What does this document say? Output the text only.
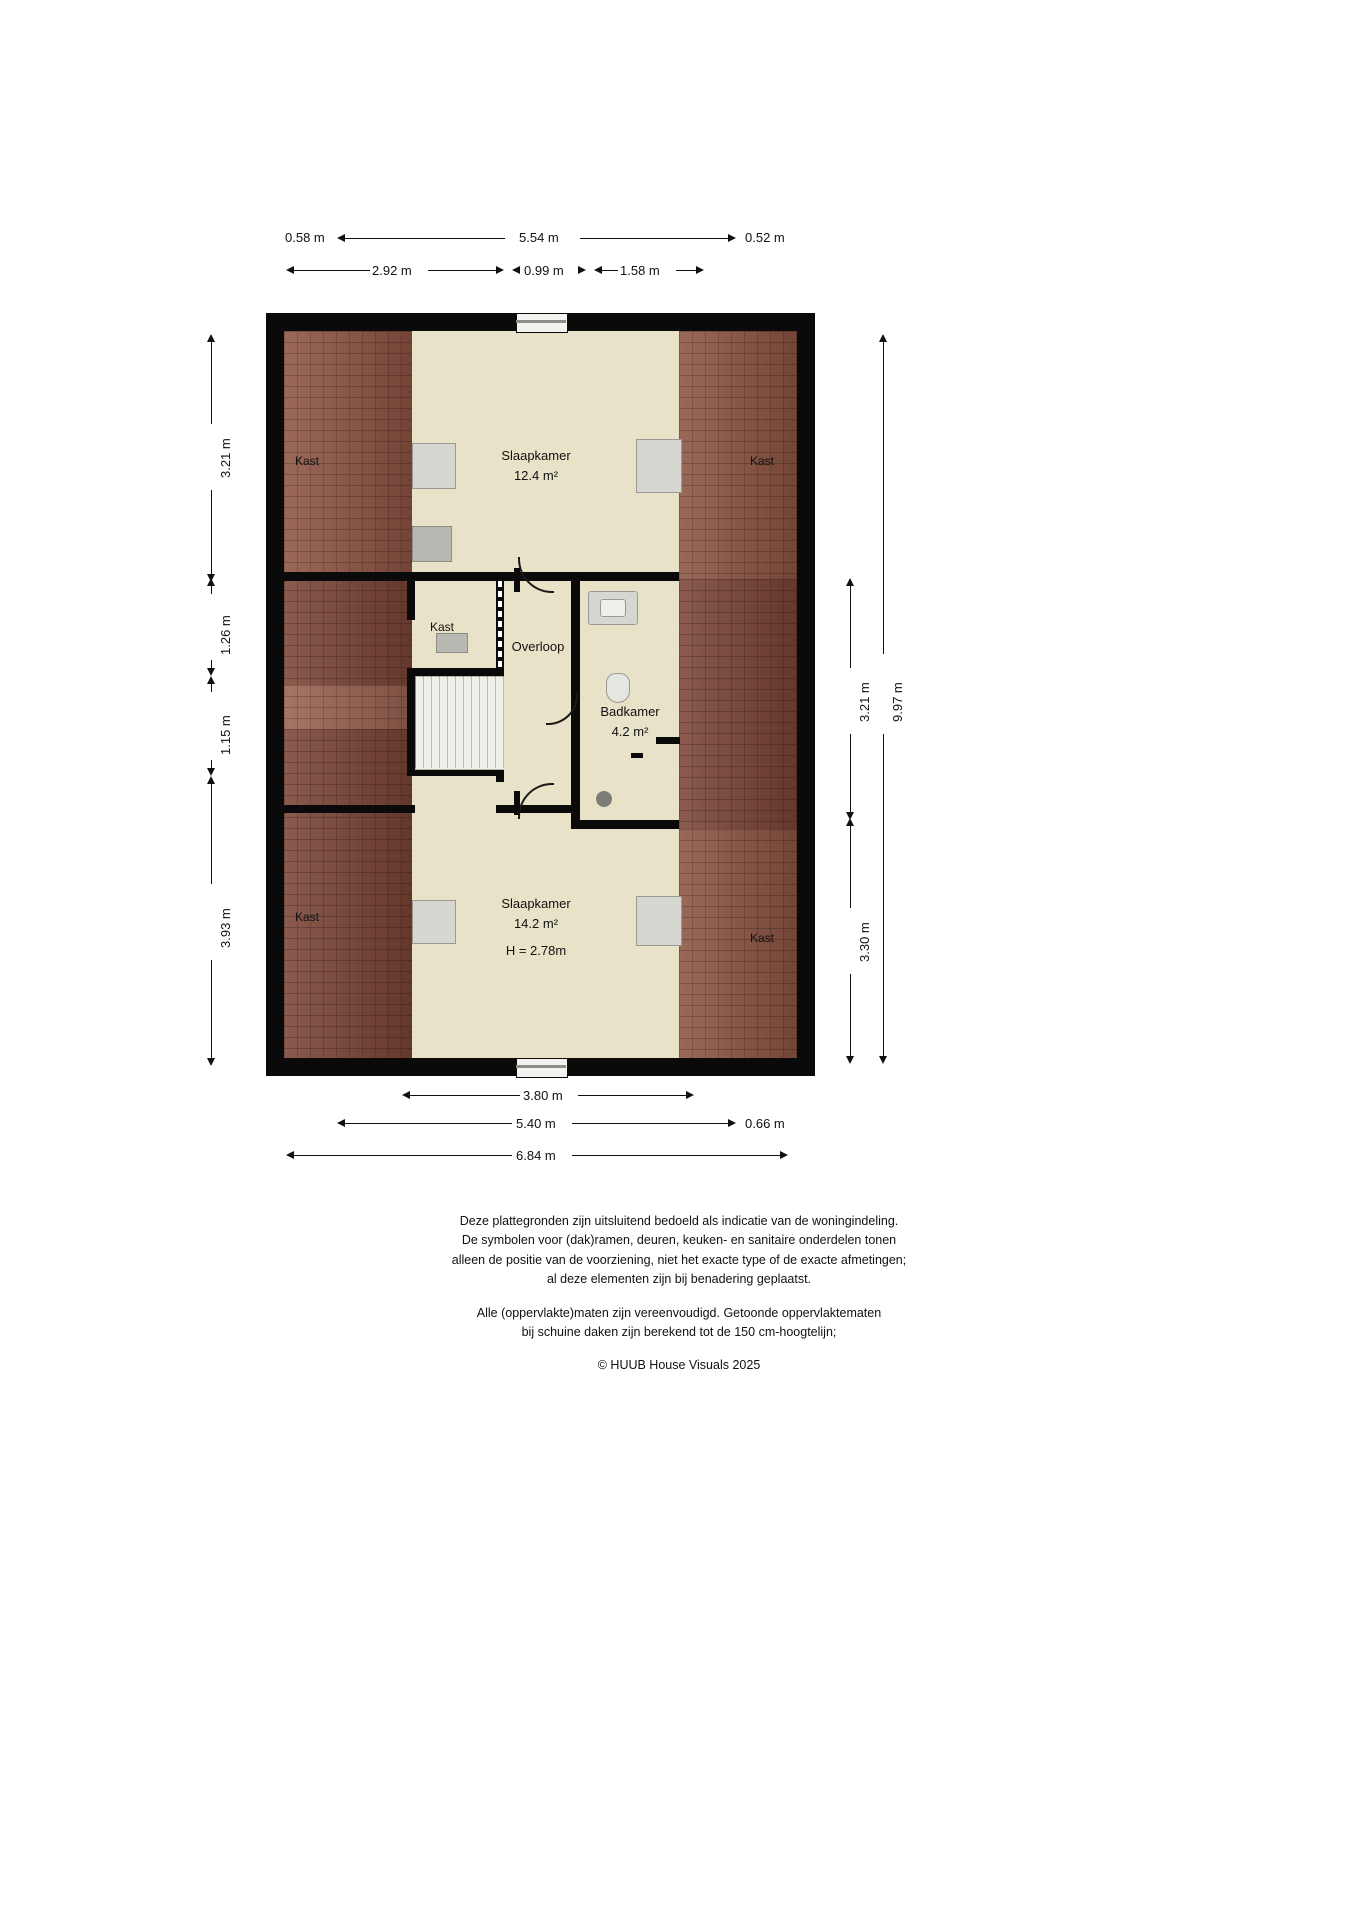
0.58 m	5.54 m	0.52 m
2.92 m	0.99 m	1.58 m
3.21 m
1.26 m
1.15 m
3.93 m
3.21 m
3.30 m
9.97 m
3.80 m
5.40 m	0.66 m
6.84 m
Slaapkamer
12.4 m²
Overloop
Badkamer
4.2 m²
Slaapkamer
14.2 m²
H = 2.78m
Kast	Kast
Kast
Kast
Kast
Deze plattegronden zijn uitsluitend bedoeld als indicatie van de woningindeling.
De symbolen voor (dak)ramen, deuren, keuken- en sanitaire onderdelen tonen
alleen de positie van de voorziening, niet het exacte type of de exacte afmetingen;
al deze elementen zijn bij benadering geplaatst.
Alle (oppervlakte)maten zijn vereenvoudigd. Getoonde oppervlaktematen
bij schuine daken zijn berekend tot de 150 cm-hoogtelijn;
© HUUB House Visuals 2025
